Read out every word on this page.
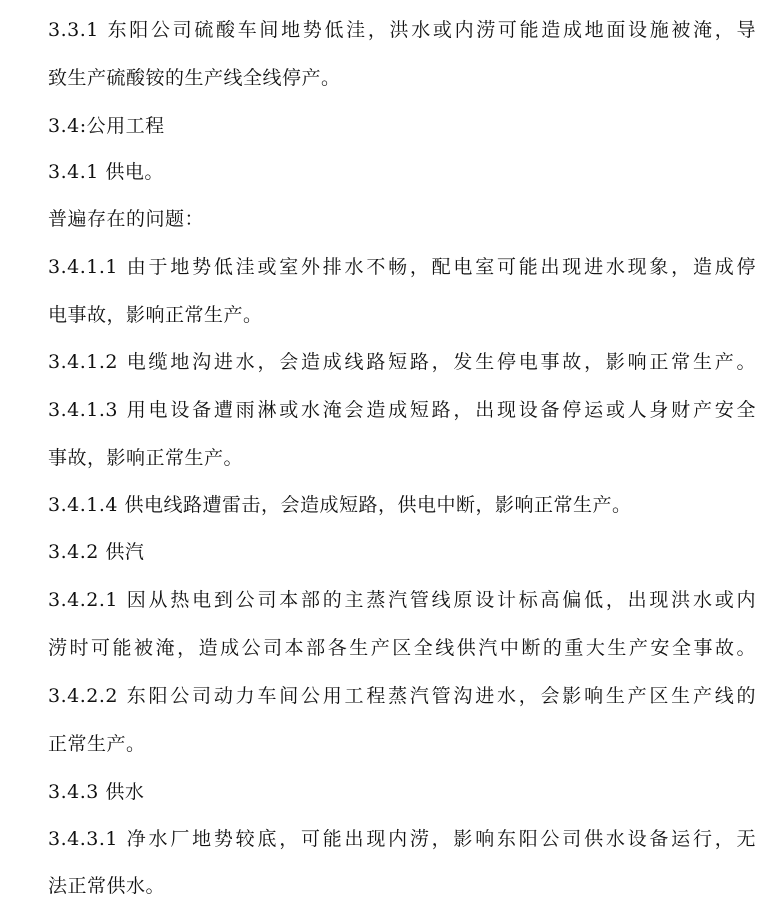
3.3.1 东阳公司硫酸车间地势低洼，洪水或内涝可能造成地面设施被淹，导
致生产硫酸铵的生产线全线停产。
3.4:公用工程
3.4.1 供电。
普遍存在的问题：
3.4.1.1 由于地势低洼或室外排水不畅，配电室可能出现进水现象，造成停
电事故，影响正常生产。
3.4.1.2 电缆地沟进水，会造成线路短路，发生停电事故，影响正常生产。
3.4.1.3 用电设备遭雨淋或水淹会造成短路，出现设备停运或人身财产安全
事故，影响正常生产。
3.4.1.4 供电线路遭雷击，会造成短路，供电中断，影响正常生产。
3.4.2 供汽
3.4.2.1 因从热电到公司本部的主蒸汽管线原设计标高偏低，出现洪水或内
涝时可能被淹，造成公司本部各生产区全线供汽中断的重大生产安全事故。
3.4.2.2 东阳公司动力车间公用工程蒸汽管沟进水，会影响生产区生产线的
正常生产。
3.4.3 供水
3.4.3.1 净水厂地势较底，可能出现内涝，影响东阳公司供水设备运行，无
法正常供水。
